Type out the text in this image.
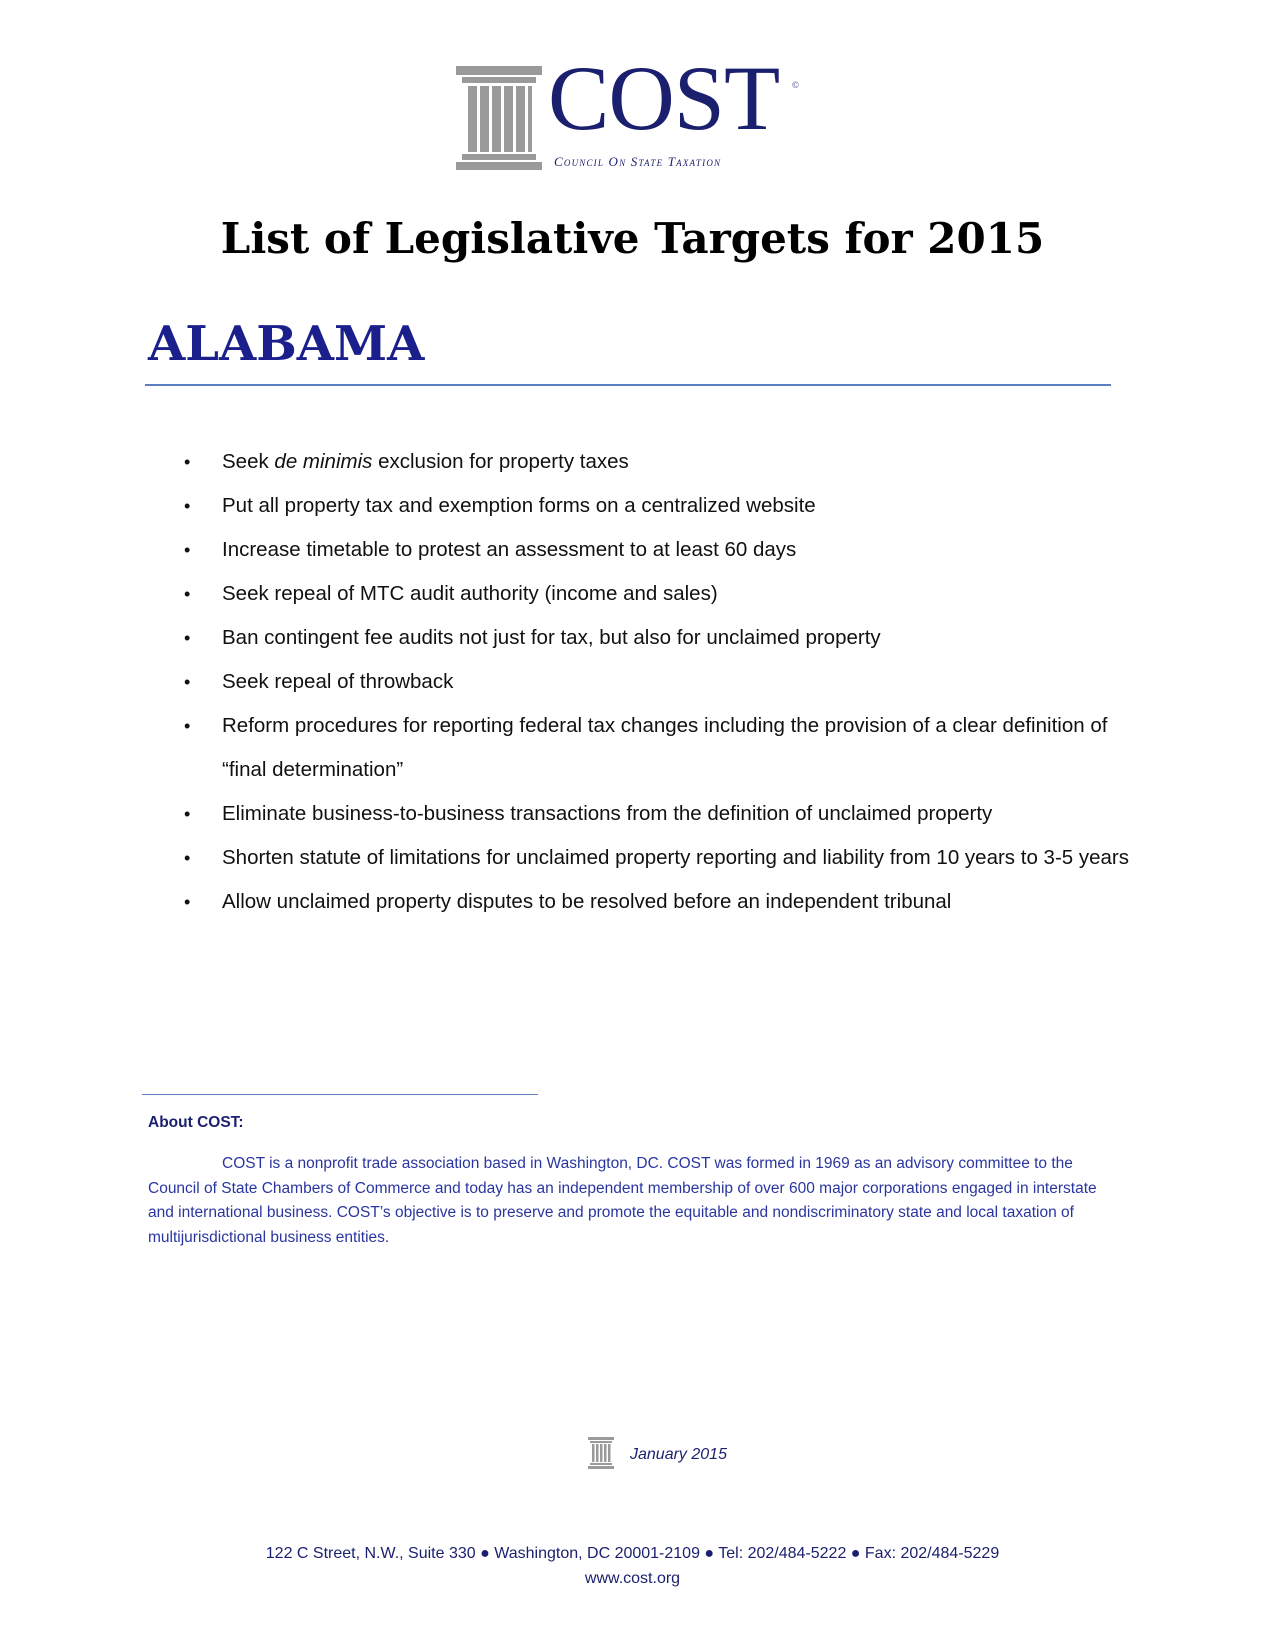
COST ©
Council On State Taxation
List of Legislative Targets for 2015
ALABAMA
• Seek de minimis exclusion for property taxes
• Put all property tax and exemption forms on a centralized website
• Increase timetable to protest an assessment to at least 60 days
• Seek repeal of MTC audit authority (income and sales)
• Ban contingent fee audits not just for tax, but also for unclaimed property
• Seek repeal of throwback
• Reform procedures for reporting federal tax changes including the provision of a clear definition of “final determination”
• Eliminate business-to-business transactions from the definition of unclaimed property
• Shorten statute of limitations for unclaimed property reporting and liability from 10 years to 3-5 years
• Allow unclaimed property disputes to be resolved before an independent tribunal

About COST:

COST is a nonprofit trade association based in Washington, DC. COST was formed in 1969 as an advisory committee to the Council of State Chambers of Commerce and today has an independent membership of over 600 major corporations engaged in interstate and international business. COST’s objective is to preserve and promote the equitable and nondiscriminatory state and local taxation of multijurisdictional business entities.

January 2015
122 C Street, N.W., Suite 330 ● Washington, DC 20001-2109 ● Tel: 202/484-5222 ● Fax: 202/484-5229
www.cost.org
